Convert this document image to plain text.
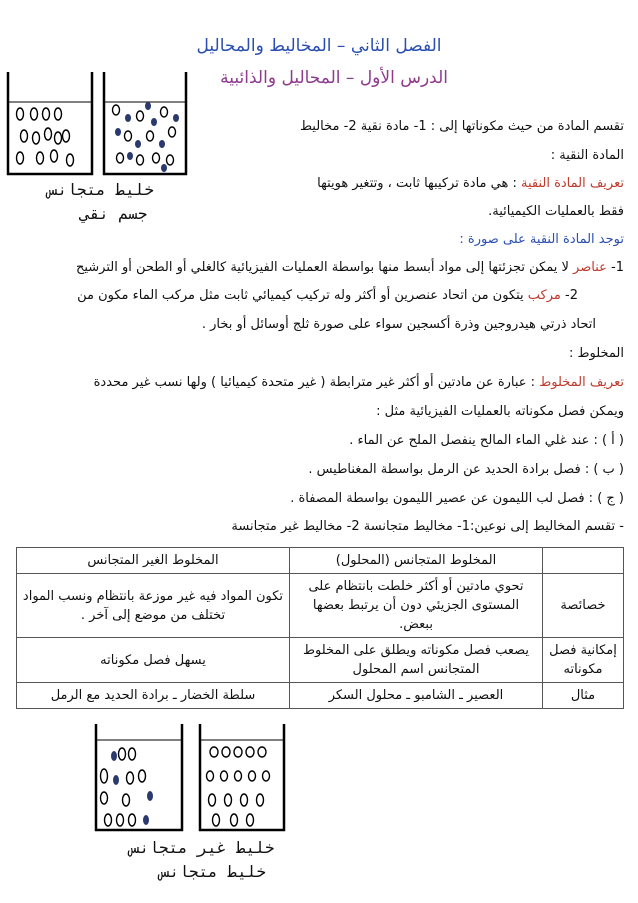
الفصل الثاني – المخاليط والمحاليل
الدرس الأول – المحاليل والذائبية
خليط متجانس
جسم نقي
تقسم المادة من حيث مكوناتها إلى : 1- مادة نقية 2- مخاليط
المادة النقية :
تعريف المادة النقية : هي مادة تركيبها ثابت ، وتتغير هويتها
فقط بالعمليات الكيميائية.
توجد المادة النقية على صورة :
1- عناصر لا يمكن تجزئتها إلى مواد أبسط منها بواسطة العمليات الفيزيائية كالغلي أو الطحن أو الترشيح
2- مركب يتكون من اتحاد عنصرين أو أكثر وله تركيب كيميائي ثابت مثل مركب الماء مكون من
اتحاد ذرتي هيدروجين وذرة أكسجين سواء على صورة ثلج أوسائل أو بخار .
المخلوط :
تعريف المخلوط : عبارة عن مادتين أو أكثر غير مترابطة ( غير متحدة كيميائيا ) ولها نسب غير محددة
ويمكن فصل مكوناته بالعمليات الفيزيائية مثل :
( أ ) : عند غلي الماء المالح ينفصل الملح عن الماء .
( ب ) : فصل برادة الحديد عن الرمل بواسطة المغناطيس .
( ج ) : فصل لب الليمون عن عصير الليمون بواسطة المصفاة .
- تقسم المخاليط إلى نوعين:1- مخاليط متجانسة 2- مخاليط غير متجانسة
	المخلوط المتجانس (المحلول)	المخلوط الغير المتجانس
خصائصة	تحوي مادتين أو أكثر خلطت بانتظام على المستوى الجزيئي دون أن يرتبط بعضها ببعض.	تكون المواد فيه غير موزعة بانتظام ونسب المواد تختلف من موضع إلى آخر .
إمكانية فصل مكوناته	يصعب فصل مكوناته ويطلق على المخلوط المتجانس اسم المحلول	يسهل فصل مكوناته
مثال	العصير ـ الشامبو ـ محلول السكر	سلطة الخضار ـ برادة الحديد مع الرمل
خليط غير متجانس
خليط متجانس
